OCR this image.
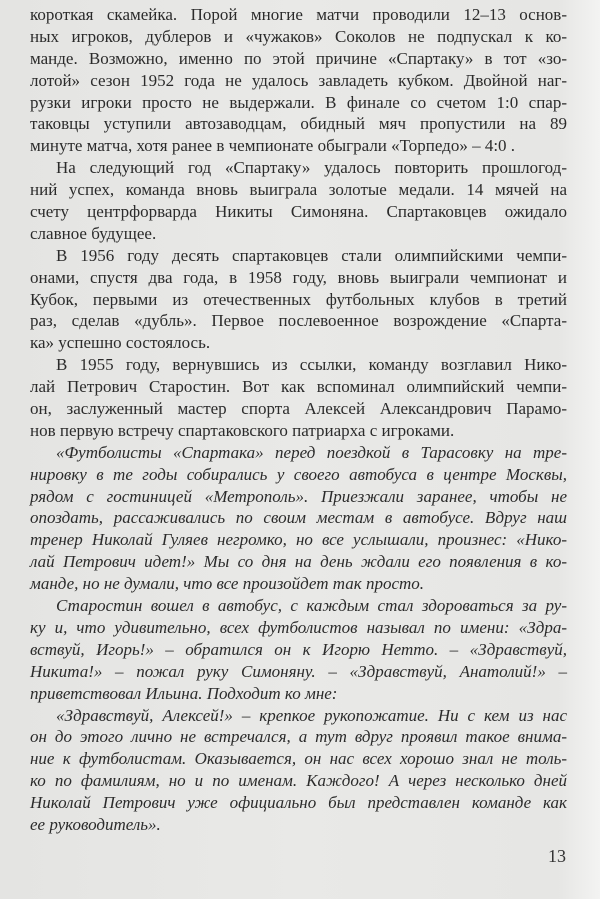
короткая скамейка. Порой многие матчи проводили 12–13 основ-
ных игроков, дублеров и «чужаков» Соколов не подпускал к ко-
манде. Возможно, именно по этой причине «Спартаку» в тот «зо-
лотой» сезон 1952 года не удалось завладеть кубком. Двойной наг-
рузки игроки просто не выдержали. В финале со счетом 1:0 спар-
таковцы уступили автозаводцам, обидный мяч пропустили на 89
минуте матча, хотя ранее в чемпионате обыграли «Торпедо» – 4:0 .
На следующий год «Спартаку» удалось повторить прошлогод-
ний успех, команда вновь выиграла золотые медали. 14 мячей на
счету центрфорварда Никиты Симоняна. Спартаковцев ожидало
славное будущее.
В 1956 году десять спартаковцев стали олимпийскими чемпи-
онами, спустя два года, в 1958 году, вновь выиграли чемпионат и
Кубок, первыми из отечественных футбольных клубов в третий
раз, сделав «дубль». Первое послевоенное возрождение «Спарта-
ка» успешно состоялось.
В 1955 году, вернувшись из ссылки, команду возглавил Нико-
лай Петрович Старостин. Вот как вспоминал олимпийский чемпи-
он, заслуженный мастер спорта Алексей Александрович Парамо-
нов первую встречу спартаковского патриарха с игроками.
«Футболисты «Спартака» перед поездкой в Тарасовку на тре-
нировку в те годы собирались у своего автобуса в центре Москвы,
рядом с гостиницей «Метрополь». Приезжали заранее, чтобы не
опоздать, рассаживались по своим местам в автобусе. Вдруг наш
тренер Николай Гуляев негромко, но все услышали, произнес: «Нико-
лай Петрович идет!» Мы со дня на день ждали его появления в ко-
манде, но не думали, что все произойдет так просто.
Старостин вошел в автобус, с каждым стал здороваться за ру-
ку и, что удивительно, всех футболистов называл по имени: «Здра-
вствуй, Игорь!» – обратился он к Игорю Нетто. – «Здравствуй,
Никита!» – пожал руку Симоняну. – «Здравствуй, Анатолий!» –
приветствовал Ильина. Подходит ко мне:
«Здравствуй, Алексей!» – крепкое рукопожатие. Ни с кем из нас
он до этого лично не встречался, а тут вдруг проявил такое внима-
ние к футболистам. Оказывается, он нас всех хорошо знал не толь-
ко по фамилиям, но и по именам. Каждого! А через несколько дней
Николай Петрович уже официально был представлен команде как
ее руководитель».
13
